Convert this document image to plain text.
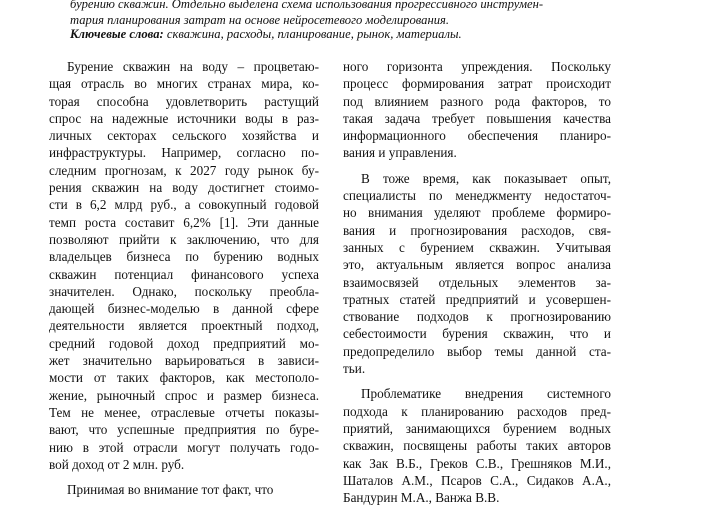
бурению скважин. Отдельно выделена схема использования прогрессивного инструмен-
тария планирования затрат на основе нейросетевого моделирования.
Ключевые слова: скважина, расходы, планирование, рынок, материалы.
Бурение скважин на воду – процветаю-
щая отрасль во многих странах мира, ко-
торая способна удовлетворить растущий
спрос на надежные источники воды в раз-
личных секторах сельского хозяйства и
инфраструктуры. Например, согласно по-
следним прогнозам, к 2027 году рынок бу-
рения скважин на воду достигнет стоимо-
сти в 6,2 млрд руб., а совокупный годовой
темп роста составит 6,2% [1]. Эти данные
позволяют прийти к заключению, что для
владельцев бизнеса по бурению водных
скважин потенциал финансового успеха
значителен. Однако, поскольку преобла-
дающей бизнес-моделью в данной сфере
деятельности является проектный подход,
средний годовой доход предприятий мо-
жет значительно варьироваться в зависи-
мости от таких факторов, как местополо-
жение, рыночный спрос и размер бизнеса.
Тем не менее, отраслевые отчеты показы-
вают, что успешные предприятия по бурe-
нию в этой отрасли могут получать годо-
вой доход от 2 млн. руб.
Принимая во внимание тот факт, что
ного горизонта упреждения. Поскольку
процесс формирования затрат происходит
под влиянием разного рода факторов, то
такая задача требует повышения качества
информационного обеспечения планиро-
вания и управления.
В тоже время, как показывает опыт,
специалисты по менеджменту недостаточ-
но внимания уделяют проблеме формиро-
вания и прогнозирования расходов, свя-
занных с бурением скважин. Учитывая
это, актуальным является вопрос анализа
взаимосвязей отдельных элементов за-
тратных статей предприятий и усовершен-
ствование подходов к прогнозированию
себестоимости бурения скважин, что и
предопределило выбор темы данной ста-
тьи.
Проблематике внедрения системного
подхода к планированию расходов пред-
приятий, занимающихся бурением водных
скважин, посвящены работы таких авторов
как Зак В.Б., Греков С.В., Грешняков М.И.,
Шаталов А.М., Псаров С.А., Сидаков А.А.,
Бандурин М.А., Ванжа В.В.
